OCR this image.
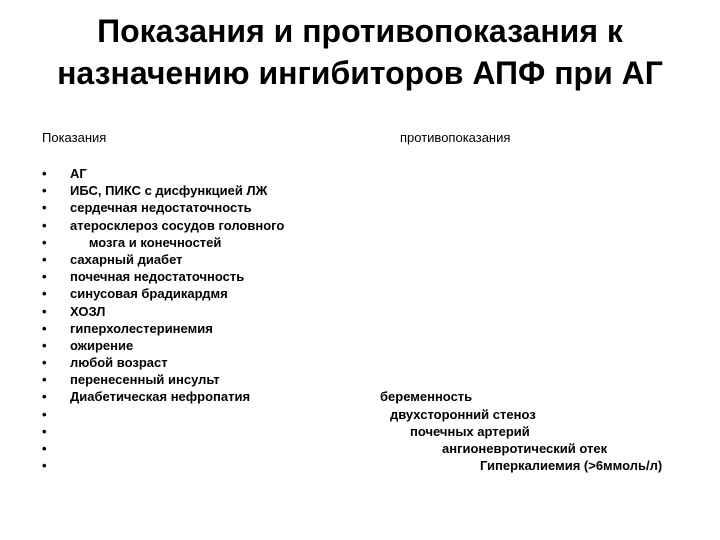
Показания и противопоказания к
назначению ингибиторов АПФ при АГ
Показания	противопоказания
• АГ
• ИБС, ПИКС с дисфункцией ЛЖ
• сердечная недостаточность
• атеросклероз сосудов головного
• мозга и конечностей
• сахарный диабет
• почечная недостаточность
• синусовая брадикардмя
• ХОЗЛ
• гиперхолестеринемия
• ожирение
• любой возраст
• перенесенный инсульт
• Диабетическая нефропатия	беременность
•	двухсторонний стеноз
•	почечных артерий
•	ангионевротический отек
•	Гиперкалиемия (>6ммоль/л)
